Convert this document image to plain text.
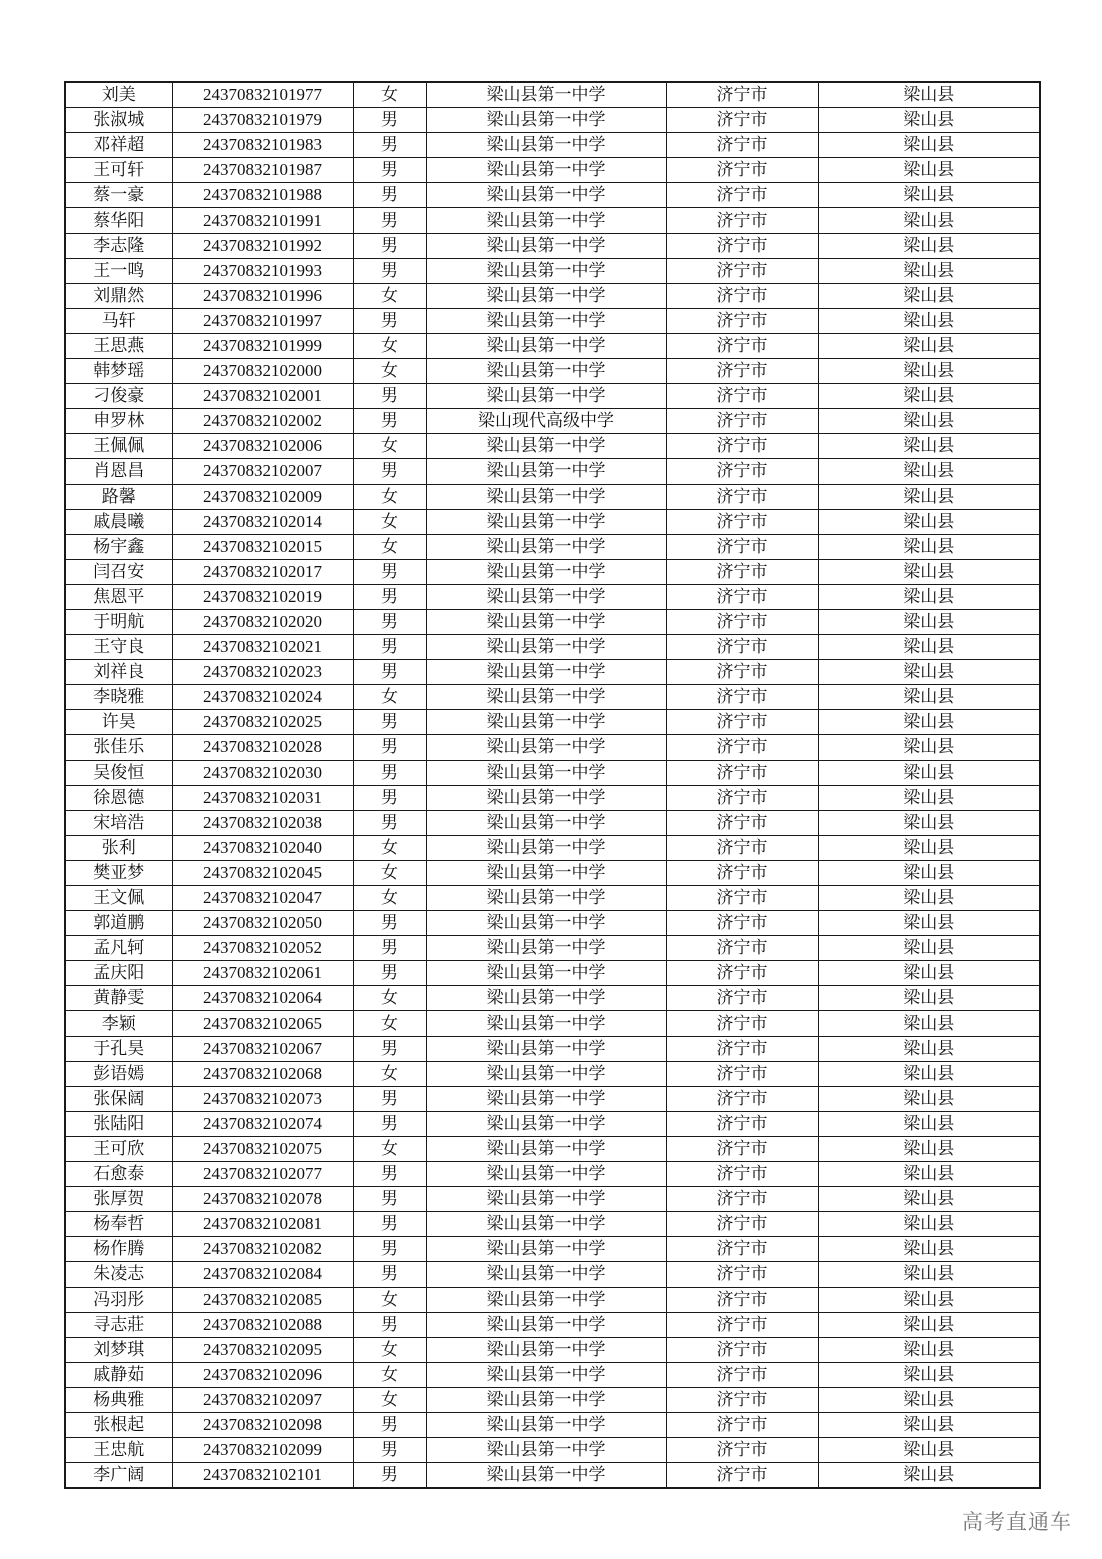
刘美	24370832101977	女	梁山县第一中学	济宁市	梁山县
张淑城	24370832101979	男	梁山县第一中学	济宁市	梁山县
邓祥超	24370832101983	男	梁山县第一中学	济宁市	梁山县
王可轩	24370832101987	男	梁山县第一中学	济宁市	梁山县
蔡一豪	24370832101988	男	梁山县第一中学	济宁市	梁山县
蔡华阳	24370832101991	男	梁山县第一中学	济宁市	梁山县
李志隆	24370832101992	男	梁山县第一中学	济宁市	梁山县
王一鸣	24370832101993	男	梁山县第一中学	济宁市	梁山县
刘鼎然	24370832101996	女	梁山县第一中学	济宁市	梁山县
马轩	24370832101997	男	梁山县第一中学	济宁市	梁山县
王思燕	24370832101999	女	梁山县第一中学	济宁市	梁山县
韩梦瑶	24370832102000	女	梁山县第一中学	济宁市	梁山县
刁俊豪	24370832102001	男	梁山县第一中学	济宁市	梁山县
申罗林	24370832102002	男	梁山现代高级中学	济宁市	梁山县
王佩佩	24370832102006	女	梁山县第一中学	济宁市	梁山县
肖恩昌	24370832102007	男	梁山县第一中学	济宁市	梁山县
路馨	24370832102009	女	梁山县第一中学	济宁市	梁山县
戚晨曦	24370832102014	女	梁山县第一中学	济宁市	梁山县
杨宇鑫	24370832102015	女	梁山县第一中学	济宁市	梁山县
闫召安	24370832102017	男	梁山县第一中学	济宁市	梁山县
焦恩平	24370832102019	男	梁山县第一中学	济宁市	梁山县
于明航	24370832102020	男	梁山县第一中学	济宁市	梁山县
王守良	24370832102021	男	梁山县第一中学	济宁市	梁山县
刘祥良	24370832102023	男	梁山县第一中学	济宁市	梁山县
李晓雅	24370832102024	女	梁山县第一中学	济宁市	梁山县
许昊	24370832102025	男	梁山县第一中学	济宁市	梁山县
张佳乐	24370832102028	男	梁山县第一中学	济宁市	梁山县
吴俊恒	24370832102030	男	梁山县第一中学	济宁市	梁山县
徐恩德	24370832102031	男	梁山县第一中学	济宁市	梁山县
宋培浩	24370832102038	男	梁山县第一中学	济宁市	梁山县
张利	24370832102040	女	梁山县第一中学	济宁市	梁山县
樊亚梦	24370832102045	女	梁山县第一中学	济宁市	梁山县
王文佩	24370832102047	女	梁山县第一中学	济宁市	梁山县
郭道鹏	24370832102050	男	梁山县第一中学	济宁市	梁山县
孟凡轲	24370832102052	男	梁山县第一中学	济宁市	梁山县
孟庆阳	24370832102061	男	梁山县第一中学	济宁市	梁山县
黄静雯	24370832102064	女	梁山县第一中学	济宁市	梁山县
李颖	24370832102065	女	梁山县第一中学	济宁市	梁山县
于孔昊	24370832102067	男	梁山县第一中学	济宁市	梁山县
彭语嫣	24370832102068	女	梁山县第一中学	济宁市	梁山县
张保阔	24370832102073	男	梁山县第一中学	济宁市	梁山县
张陆阳	24370832102074	男	梁山县第一中学	济宁市	梁山县
王可欣	24370832102075	女	梁山县第一中学	济宁市	梁山县
石愈泰	24370832102077	男	梁山县第一中学	济宁市	梁山县
张厚贺	24370832102078	男	梁山县第一中学	济宁市	梁山县
杨奉哲	24370832102081	男	梁山县第一中学	济宁市	梁山县
杨作腾	24370832102082	男	梁山县第一中学	济宁市	梁山县
朱凌志	24370832102084	男	梁山县第一中学	济宁市	梁山县
冯羽彤	24370832102085	女	梁山县第一中学	济宁市	梁山县
寻志莊	24370832102088	男	梁山县第一中学	济宁市	梁山县
刘梦琪	24370832102095	女	梁山县第一中学	济宁市	梁山县
戚静茹	24370832102096	女	梁山县第一中学	济宁市	梁山县
杨典雅	24370832102097	女	梁山县第一中学	济宁市	梁山县
张根起	24370832102098	男	梁山县第一中学	济宁市	梁山县
王忠航	24370832102099	男	梁山县第一中学	济宁市	梁山县
李广阔	24370832102101	男	梁山县第一中学	济宁市	梁山县
高考直通车
